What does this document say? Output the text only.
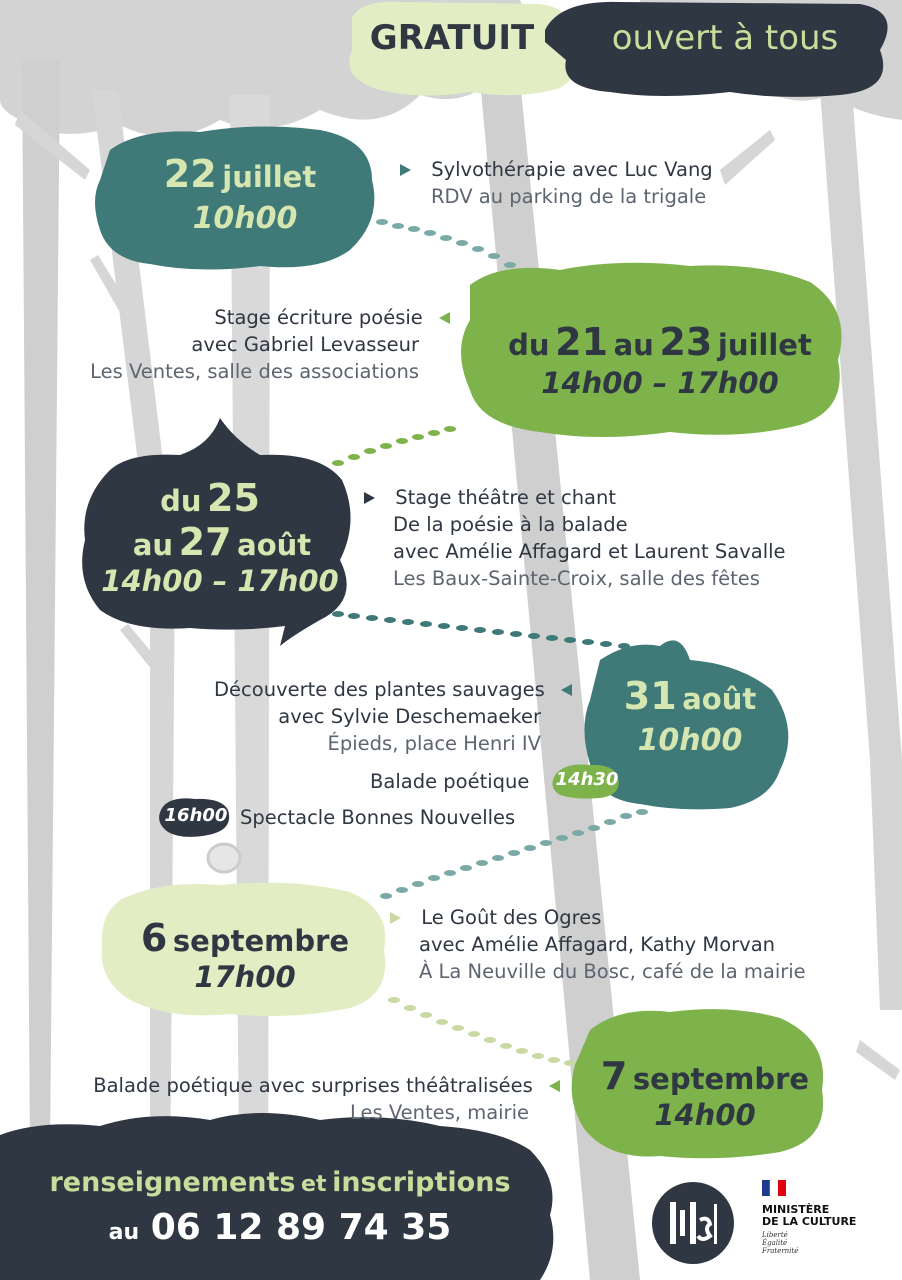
GRATUIT	ouvert à tous
22 juillet
10h00
Sylvothérapie avec Luc Vang
RDV au parking de la trigale
Stage écriture poésie
avec Gabriel Levasseur
Les Ventes, salle des associations
du 21 au 23 juillet
14h00 – 17h00
du 25
au 27 août
14h00 – 17h00
Stage théâtre et chant
De la poésie à la balade
avec Amélie Affagard et Laurent Savalle
Les Baux-Sainte-Croix, salle des fêtes
Découverte des plantes sauvages
avec Sylvie Deschemaeker
Épieds, place Henri IV
Balade poétique 14h30
16h00 Spectacle Bonnes Nouvelles
31 août
10h00
6 septembre
17h00
Le Goût des Ogres
avec Amélie Affagard, Kathy Morvan
À La Neuville du Bosc, café de la mairie
Balade poétique avec surprises théâtralisées
Les Ventes, mairie
7 septembre
14h00
renseignements et inscriptions
au 06 12 89 74 35	MINISTÈRE
DE LA CULTURE
Liberté
Égalité
Fraternité
